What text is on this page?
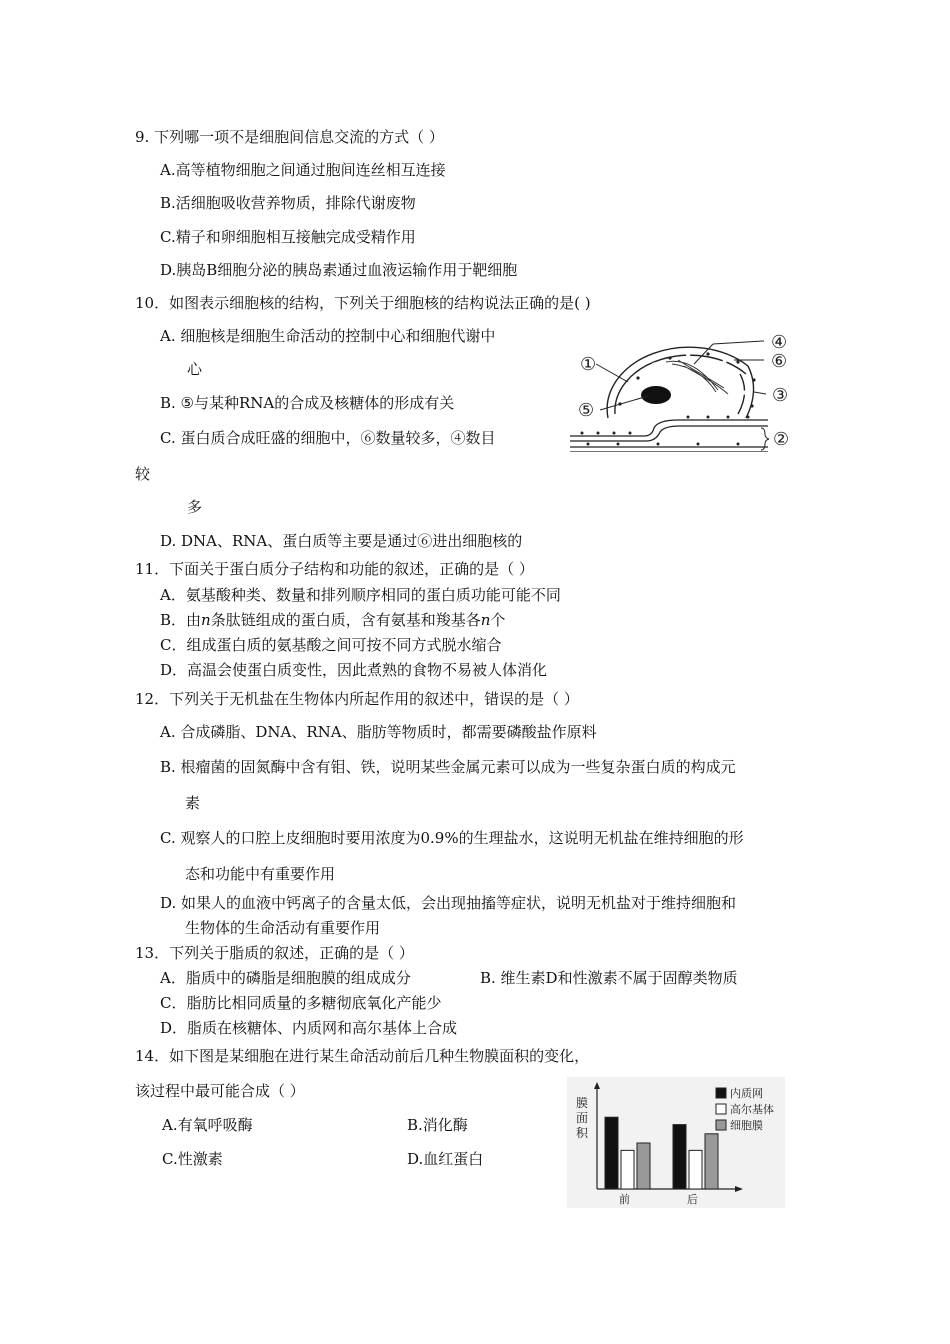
9. 下列哪一项不是细胞间信息交流的方式（ ）
A.高等植物细胞之间通过胞间连丝相互连接
B.活细胞吸收营养物质，排除代谢废物
C.精子和卵细胞相互接触完成受精作用
D.胰岛B细胞分泌的胰岛素通过血液运输作用于靶细胞
10．如图表示细胞核的结构，下列关于细胞核的结构说法正确的是( )
A. 细胞核是细胞生命活动的控制中心和细胞代谢中
心
B. ⑤与某种RNA的合成及核糖体的形成有关
C. 蛋白质合成旺盛的细胞中，⑥数量较多，④数目
较
多
D. DNA、RNA、蛋白质等主要是通过⑥进出细胞核的
①
②
③
④
⑤
⑥
11．下面关于蛋白质分子结构和功能的叙述，正确的是（ ）
A．氨基酸种类、数量和排列顺序相同的蛋白质功能可能不同
B．由n条肽链组成的蛋白质，含有氨基和羧基各n个
C．组成蛋白质的氨基酸之间可按不同方式脱水缩合
D．高温会使蛋白质变性，因此煮熟的食物不易被人体消化
12．下列关于无机盐在生物体内所起作用的叙述中，错误的是（ ）
A. 合成磷脂、DNA、RNA、脂肪等物质时，都需要磷酸盐作原料
B. 根瘤菌的固氮酶中含有钼、铁，说明某些金属元素可以成为一些复杂蛋白质的构成元
素
C. 观察人的口腔上皮细胞时要用浓度为0.9%的生理盐水，这说明无机盐在维持细胞的形
态和功能中有重要作用
D. 如果人的血液中钙离子的含量太低，会出现抽搐等症状，说明无机盐对于维持细胞和
生物体的生命活动有重要作用
13．下列关于脂质的叙述，正确的是（ ）
A．脂质中的磷脂是细胞膜的组成成分	B. 维生素D和性激素不属于固醇类物质
C．脂肪比相同质量的多糖彻底氧化产能少
D．脂质在核糖体、内质网和高尔基体上合成
14．如下图是某细胞在进行某生命活动前后几种生物膜面积的变化，
该过程中最可能合成（ ）
A.有氧呼吸酶	B.消化酶
C.性激素	D.血红蛋白
膜
面
积
前	后
内质网
高尔基体
细胞膜
